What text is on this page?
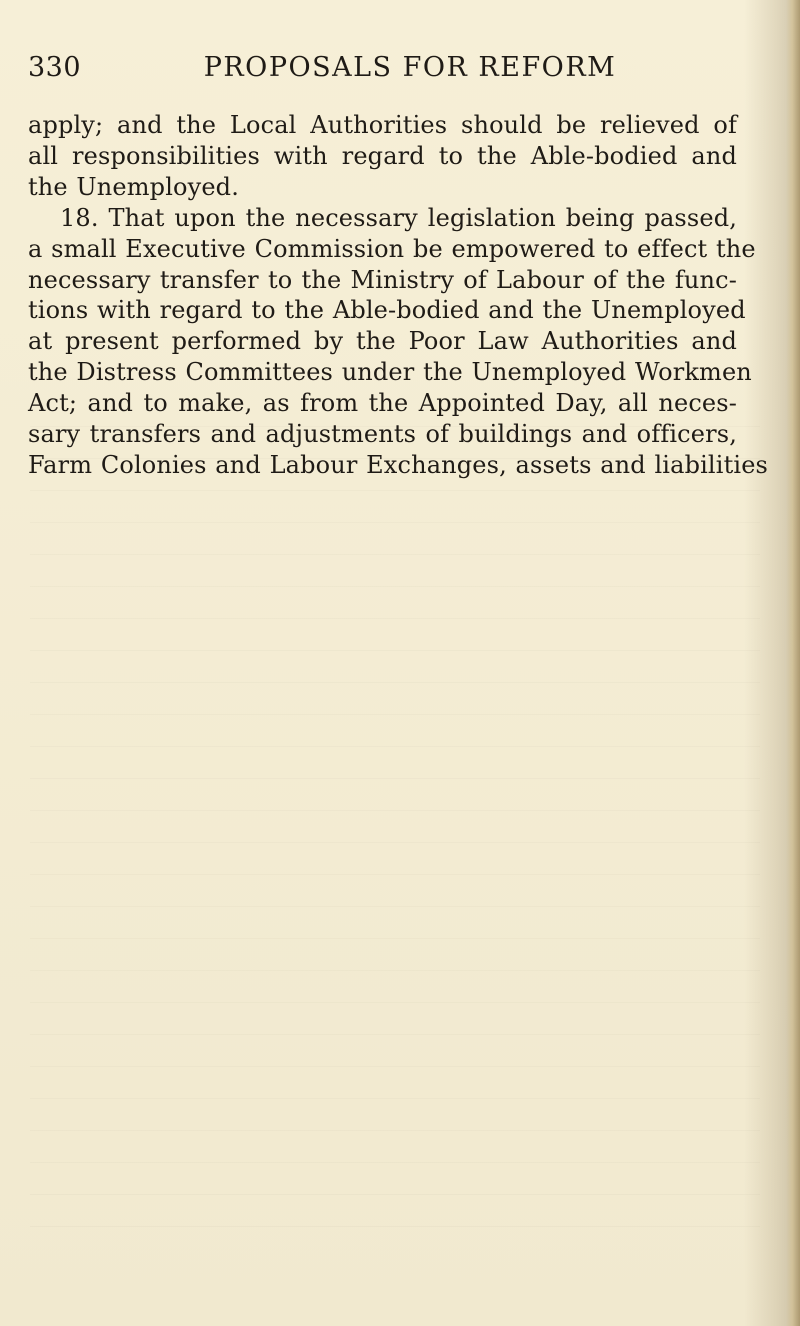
330	PROPOSALS FOR REFORM
apply; and the Local Authorities should be relieved of
all responsibilities with regard to the Able-bodied and
the Unemployed.
18. That upon the necessary legislation being passed,
a small Executive Commission be empowered to effect the
necessary transfer to the Ministry of Labour of the func-
tions with regard to the Able-bodied and the Unemployed
at present performed by the Poor Law Authorities and
the Distress Committees under the Unemployed Workmen
Act; and to make, as from the Appointed Day, all neces-
sary transfers and adjustments of buildings and officers,
Farm Colonies and Labour Exchanges, assets and liabilities
